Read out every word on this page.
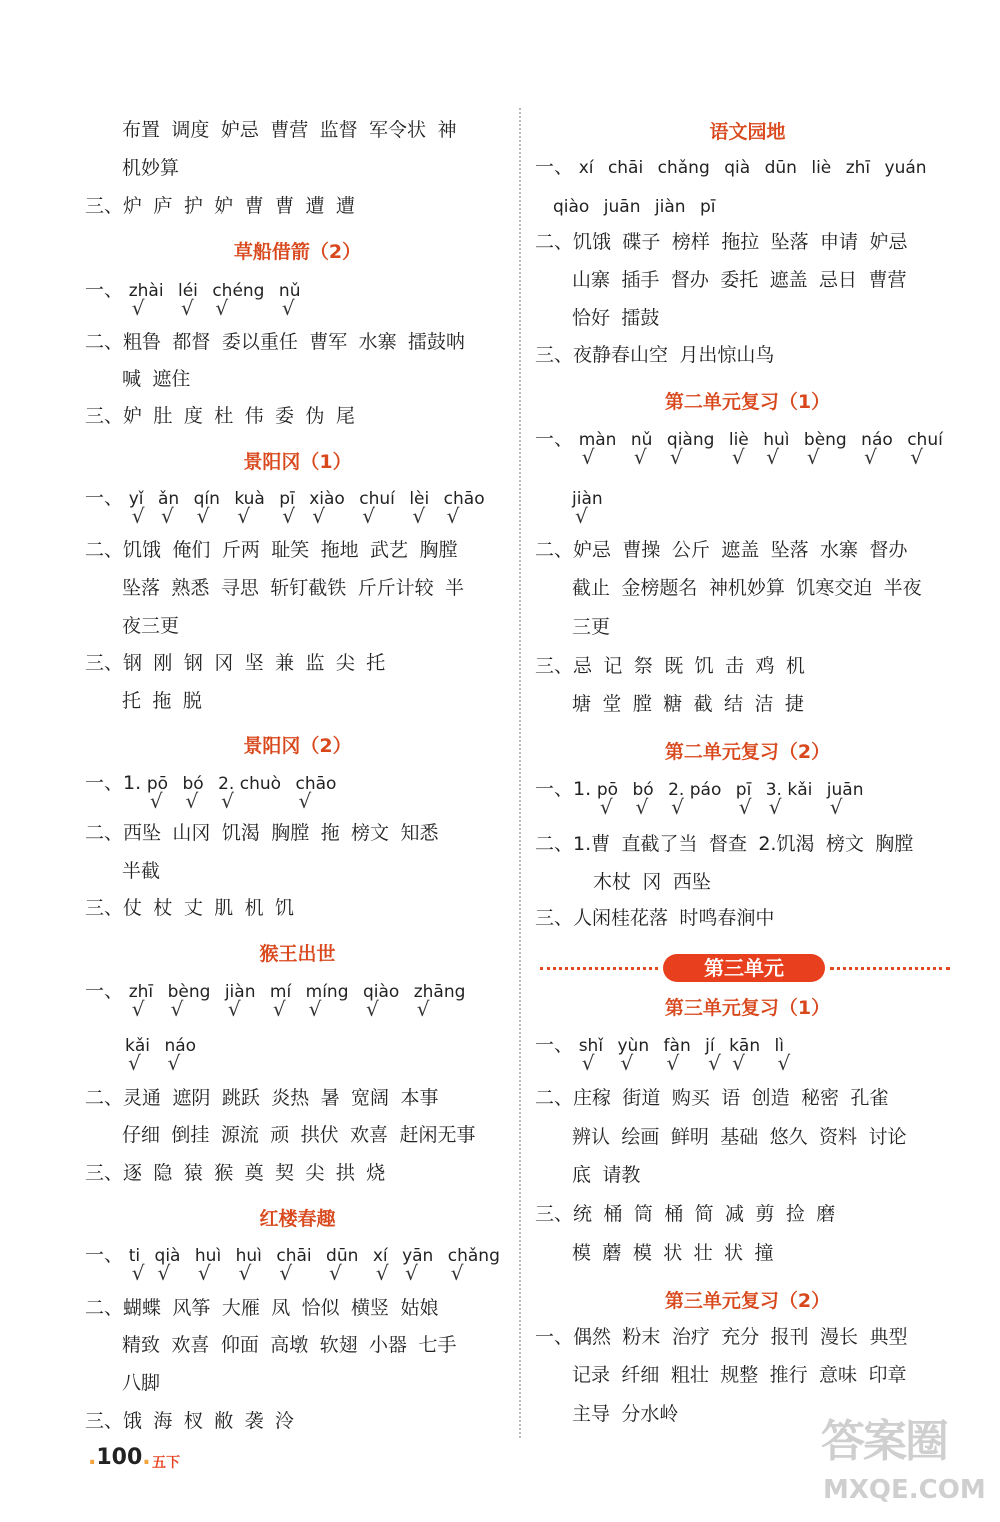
布置 调度 妒忌 曹营 监督 军令状 神
机妙算
三、炉 庐 护 妒 曹 曹 遭 遭
草船借箭（2）
一、 zhài
√
léi
√
chéng
√
nǔ
√
二、粗鲁 都督 委以重任 曹军 水寨 擂鼓呐
喊 遮住
三、妒 肚 度 杜 伟 委 伪 尾
景阳冈（1）
一、 yǐ
√
ǎn
√
qín
√
kuà
√
pī
√
xiào
√
chuí
√
lèi
√
chāo
√
二、饥饿 俺们 斤两 耻笑 拖地 武艺 胸膛
坠落 熟悉 寻思 斩钉截铁 斤斤计较 半
夜三更
三、钢 刚 钢 冈 坚 兼 监 尖 托
托 拖 脱
景阳冈（2）
一、1. pō
√
bó
√
2. chuò
√
chāo
√
二、西坠 山冈 饥渴 胸膛 拖 榜文 知悉
半截
三、仗 杖 丈 肌 机 饥
猴王出世
一、 zhī
√
bèng
√
jiàn
√
mí
√
míng
√
qiào
√
zhāng
√
kǎi
√
náo
√
二、灵通 遮阴 跳跃 炎热 暑 宽阔 本事
仔细 倒挂 源流 顽 拱伏 欢喜 赶闲无事
三、逐 隐 猿 猴 奠 契 尖 拱 烧
红楼春趣
一、 ti
√
qià
√
huì
√
huì
√
chāi
√
dūn
√
xí
√
yān
√
chǎng
√
二、蝴蝶 风筝 大雁 凤 恰似 横竖 姑娘
精致 欢喜 仰面 高墩 软翅 小器 七手
八脚
三、饿 海 杈 敝 袭 泠
语文园地
一、 xí chāi chǎng qià dūn liè zhī yuán
qiào juān jiàn pī
二、饥饿 碟子 榜样 拖拉 坠落 申请 妒忌
山寨 插手 督办 委托 遮盖 忌日 曹营
恰好 擂鼓
三、夜静春山空 月出惊山鸟
第二单元复习（1）
一、 màn
√
nǔ
√
qiàng
√
liè
√
huì
√
bèng
√
náo
√
chuí
√
jiàn
√
二、妒忌 曹操 公斤 遮盖 坠落 水寨 督办
截止 金榜题名 神机妙算 饥寒交迫 半夜
三更
三、忌 记 祭 既 饥 击 鸡 机
塘 堂 膛 糖 截 结 洁 捷
第二单元复习（2）
一、1. pō
√
bó
√
2. páo
√
pī
√
3. kǎi
√
juān
√
二、1.曹 直截了当 督查 2.饥渴 榜文 胸膛
木杖 冈 西坠
三、人闲桂花落 时鸣春涧中
第三单元复习（1）
一、 shǐ
√
yùn
√
fàn
√
jí
√
kān
√
lì
√
二、庄稼 街道 购买 语 创造 秘密 孔雀
辨认 绘画 鲜明 基础 悠久 资料 讨论
底 请教
三、统 桶 筒 桶 简 减 剪 捡 磨
模 蘑 模 状 壮 状 撞
第三单元复习（2）
一、偶然 粉末 治疗 充分 报刊 漫长 典型
记录 纤细 粗壮 规整 推行 意味 印章
主导 分水岭
第三单元
.100. 五下	答案圈
MXQE.COM
